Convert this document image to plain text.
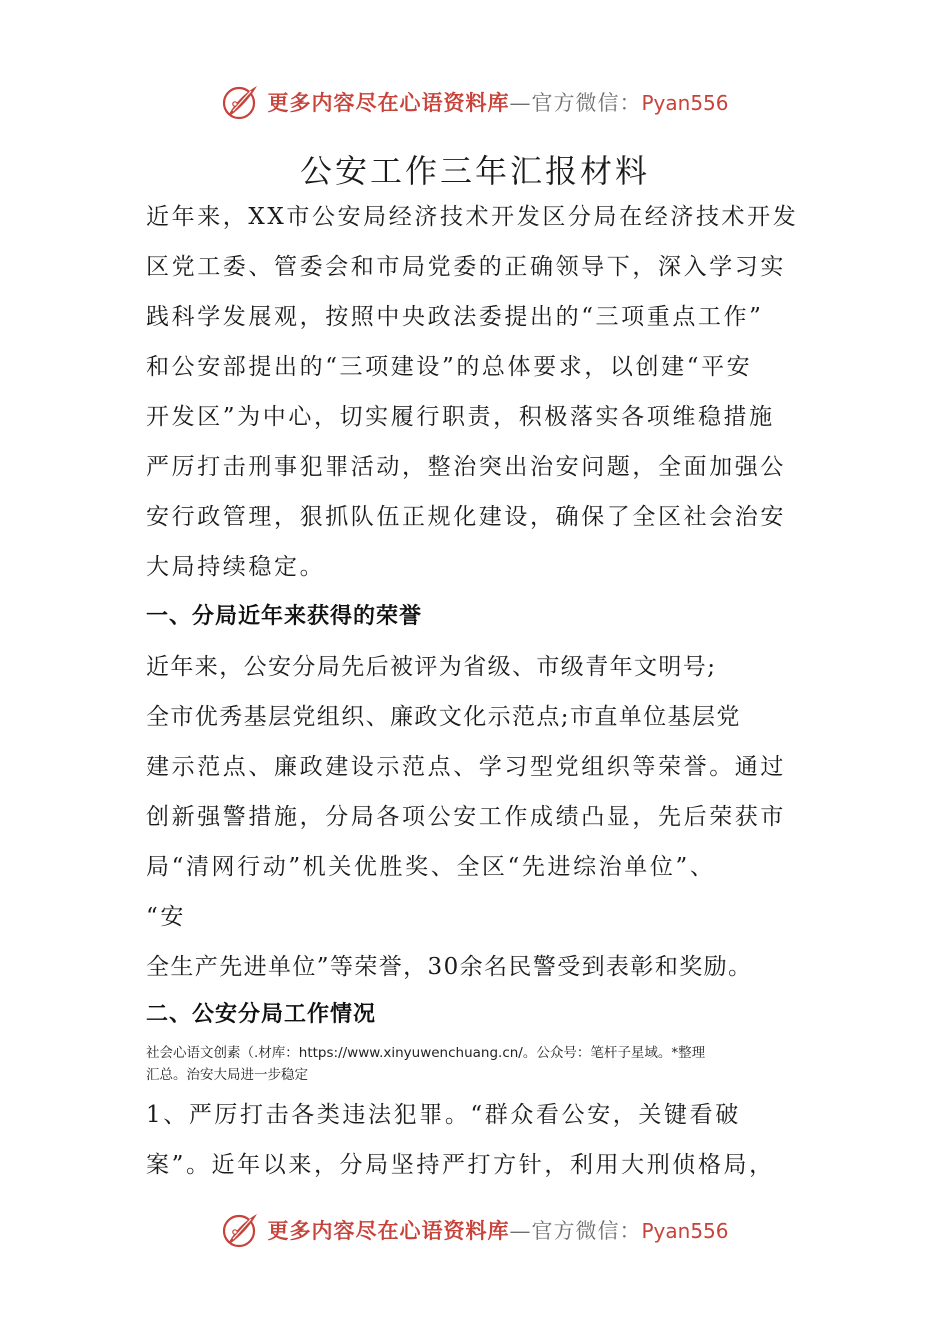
更多内容尽在心语资料库—官方微信：Pyan556
公安工作三年汇报材料
近年来，XX市公安局经济技术开发区分局在经济技术开发
区党工委、管委会和市局党委的正确领导下，深入学习实
践科学发展观，按照中央政法委提出的“三项重点工作”
和公安部提出的“三项建设”的总体要求，以创建“平安
开发区”为中心，切实履行职责，积极落实各项维稳措施
严厉打击刑事犯罪活动，整治突出治安问题，全面加强公
安行政管理，狠抓队伍正规化建设，确保了全区社会治安
大局持续稳定。
一、分局近年来获得的荣誉
近年来，公安分局先后被评为省级、市级青年文明号;
全市优秀基层党组织、廉政文化示范点;市直单位基层党
建示范点、廉政建设示范点、学习型党组织等荣誉。通过
创新强警措施，分局各项公安工作成绩凸显，先后荣获市
局“清网行动”机关优胜奖、全区“先进综治单位”、
“安
全生产先进单位”等荣誉，30余名民警受到表彰和奖励。
二、公安分局工作情况
社会心语文创素（.材库：https://www.xinyuwenchuang.cn/。公众号：笔杆子星域。*整理
汇总。治安大局进一步稳定
1、严厉打击各类违法犯罪。“群众看公安，关键看破
案”。近年以来，分局坚持严打方针，利用大刑侦格局，
更多内容尽在心语资料库—官方微信：Pyan556
